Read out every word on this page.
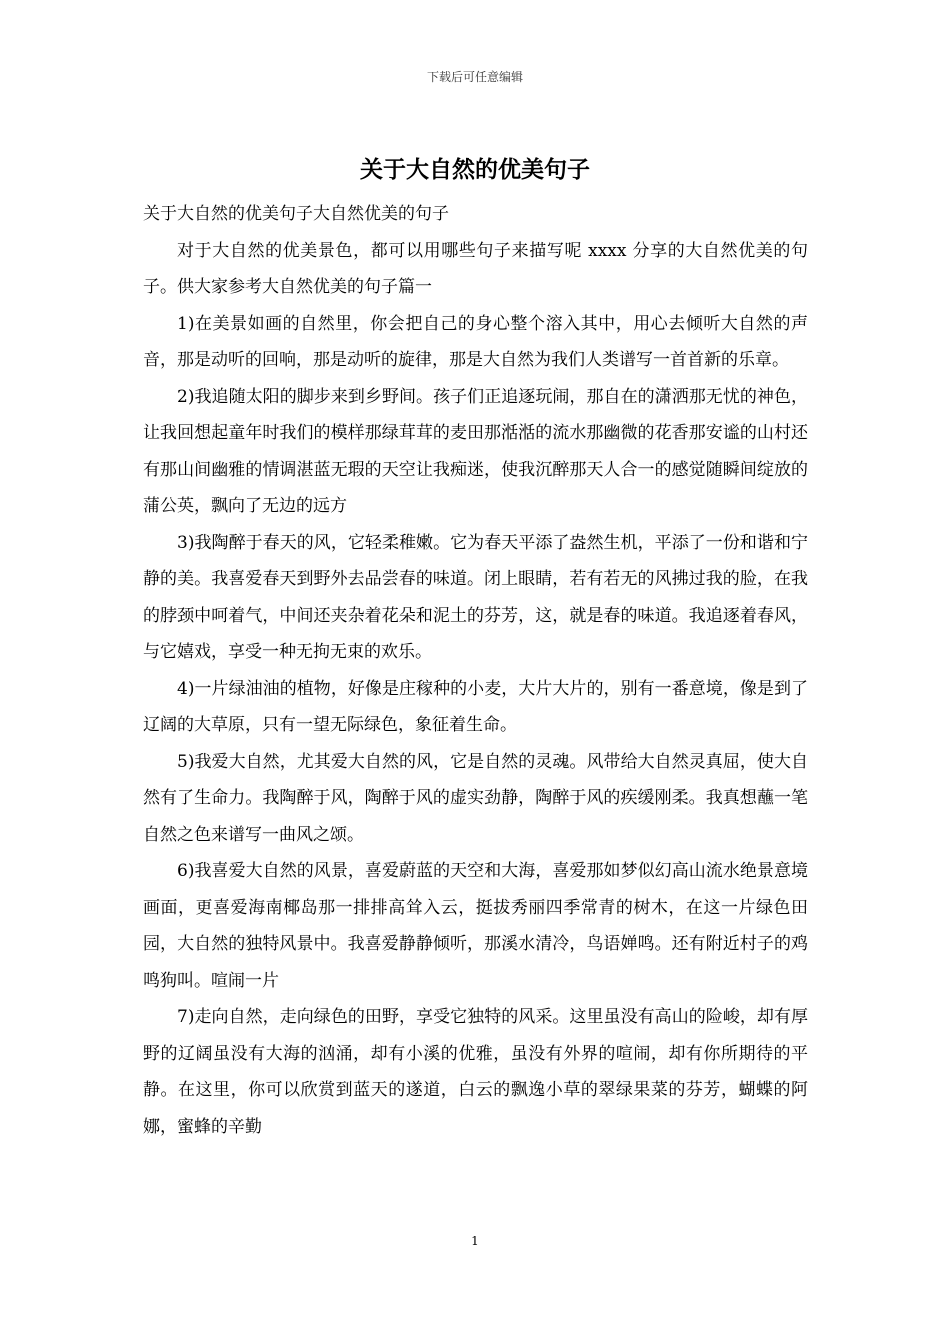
下载后可任意编辑
关于大自然的优美句子

关于大自然的优美句子大自然优美的句子

对于大自然的优美景色，都可以用哪些句子来描写呢 xxxx 分享的大自然优美的句子。供大家参考大自然优美的句子篇一

1)在美景如画的自然里，你会把自己的身心整个溶入其中，用心去倾听大自然的声音，那是动听的回响，那是动听的旋律，那是大自然为我们人类谱写一首首新的乐章。

2)我追随太阳的脚步来到乡野间。孩子们正追逐玩闹，那自在的潇洒那无忧的神色，让我回想起童年时我们的模样那绿茸茸的麦田那湉湉的流水那幽微的花香那安谧的山村还有那山间幽雅的情调湛蓝无瑕的天空让我痴迷，使我沉醉那天人合一的感觉随瞬间绽放的蒲公英，飘向了无边的远方

3)我陶醉于春天的风，它轻柔稚嫩。它为春天平添了盎然生机，平添了一份和谐和宁静的美。我喜爱春天到野外去品尝春的味道。闭上眼睛，若有若无的风拂过我的脸，在我的脖颈中呵着气，中间还夹杂着花朵和泥土的芬芳，这，就是春的味道。我追逐着春风，与它嬉戏，享受一种无拘无束的欢乐。

4)一片绿油油的植物，好像是庄稼种的小麦，大片大片的，别有一番意境，像是到了辽阔的大草原，只有一望无际绿色，象征着生命。

5)我爱大自然，尤其爱大自然的风，它是自然的灵魂。风带给大自然灵真屈，使大自然有了生命力。我陶醉于风，陶醉于风的虚实劲静，陶醉于风的疾缓刚柔。我真想蘸一笔自然之色来谱写一曲风之颂。

6)我喜爱大自然的风景，喜爱蔚蓝的天空和大海，喜爱那如梦似幻高山流水绝景意境画面，更喜爱海南椰岛那一排排高耸入云，挺拔秀丽四季常青的树木，在这一片绿色田园，大自然的独特风景中。我喜爱静静倾听，那溪水清冷，鸟语婵鸣。还有附近村子的鸡鸣狗叫。喧闹一片

7)走向自然，走向绿色的田野，享受它独特的风采。这里虽没有高山的险峻，却有厚野的辽阔虽没有大海的汹涌，却有小溪的优雅，虽没有外界的喧闹，却有你所期待的平静。在这里，你可以欣赏到蓝天的遂道，白云的飘逸小草的翠绿果菜的芬芳，蝴蝶的阿娜，蜜蜂的辛勤

1
